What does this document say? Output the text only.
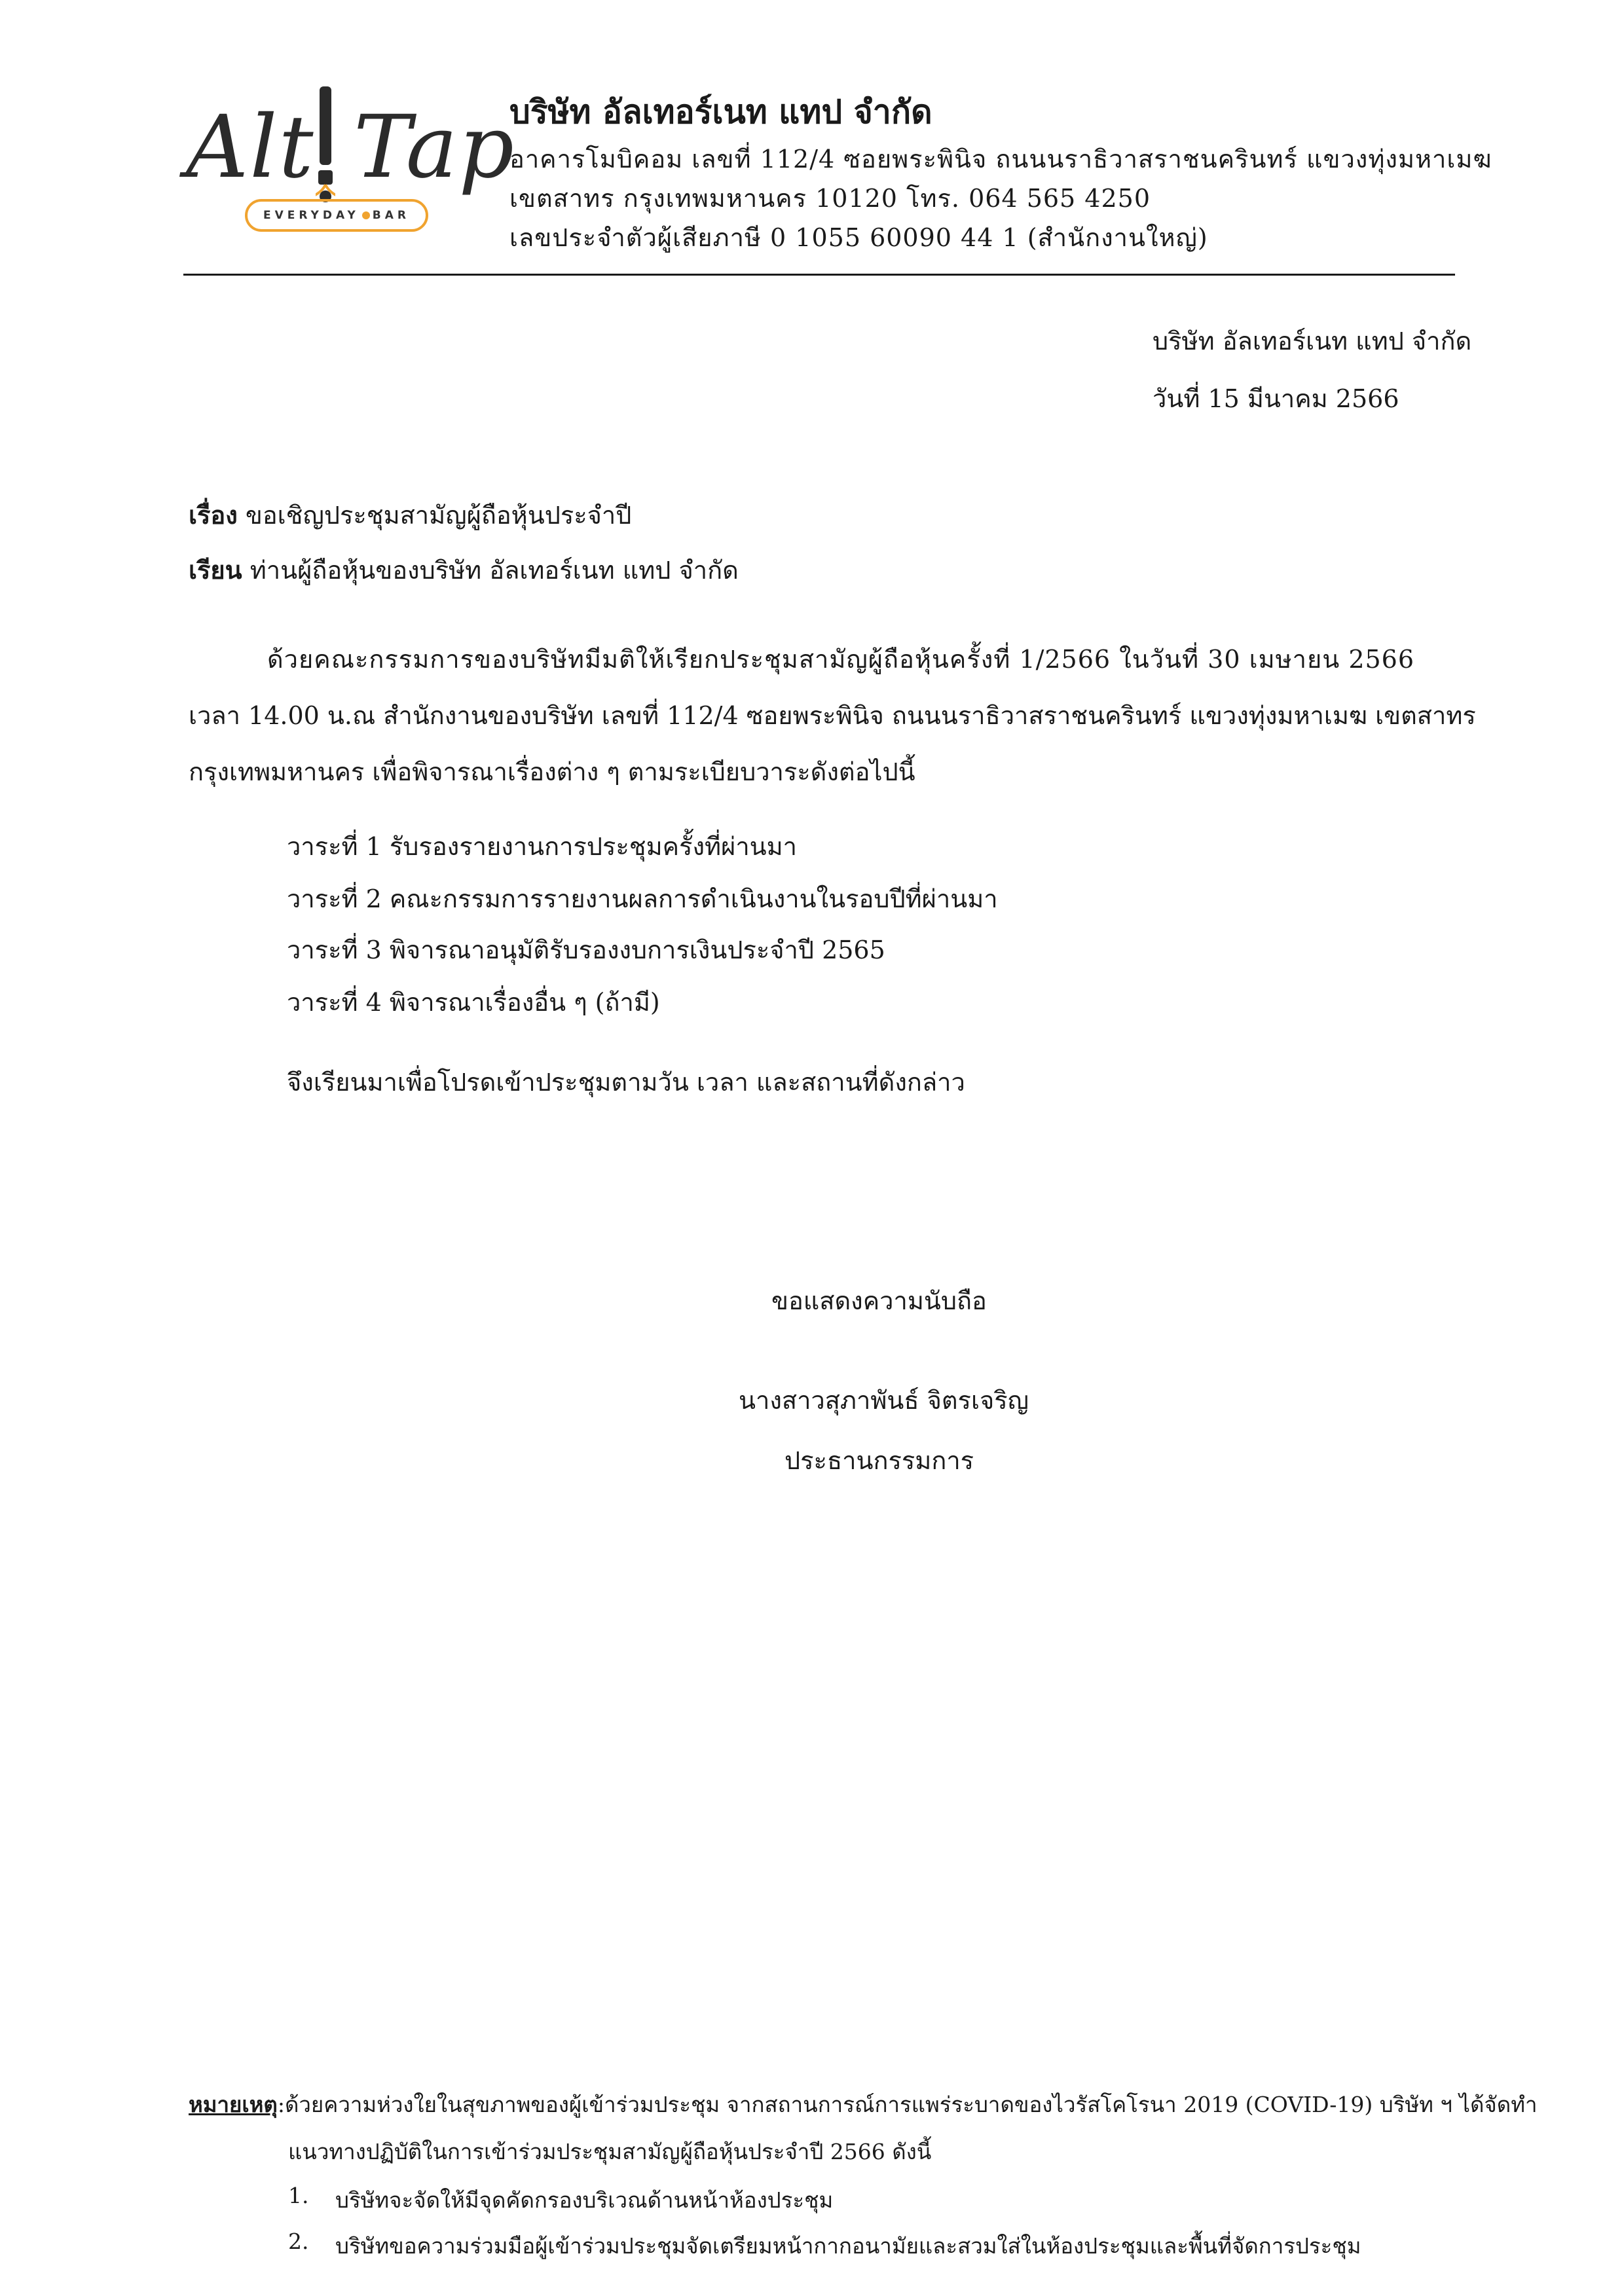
Alt Tap
EVERYDAY BAR
บริษัท อัลเทอร์เนท แทป จำกัด
อาคารโมบิคอม เลขที่ 112/4 ซอยพระพินิจ ถนนนราธิวาสราชนครินทร์ แขวงทุ่งมหาเมฆ
เขตสาทร กรุงเทพมหานคร 10120 โทร. 064 565 4250
เลขประจำตัวผู้เสียภาษี 0 1055 60090 44 1 (สำนักงานใหญ่)
บริษัท อัลเทอร์เนท แทป จำกัด
วันที่ 15 มีนาคม 2566
เรื่อง ขอเชิญประชุมสามัญผู้ถือหุ้นประจำปี
เรียน ท่านผู้ถือหุ้นของบริษัท อัลเทอร์เนท แทป จำกัด
ด้วยคณะกรรมการของบริษัทมีมติให้เรียกประชุมสามัญผู้ถือหุ้นครั้งที่ 1/2566 ในวันที่ 30 เมษายน 2566
เวลา 14.00 น.ณ สำนักงานของบริษัท เลขที่ 112/4 ซอยพระพินิจ ถนนนราธิวาสราชนครินทร์ แขวงทุ่งมหาเมฆ เขตสาทร
กรุงเทพมหานคร เพื่อพิจารณาเรื่องต่าง ๆ ตามระเบียบวาระดังต่อไปนี้
วาระที่ 1 รับรองรายงานการประชุมครั้งที่ผ่านมา
วาระที่ 2 คณะกรรมการรายงานผลการดำเนินงานในรอบปีที่ผ่านมา
วาระที่ 3 พิจารณาอนุมัติรับรองงบการเงินประจำปี 2565
วาระที่ 4 พิจารณาเรื่องอื่น ๆ (ถ้ามี)
จึงเรียนมาเพื่อโปรดเข้าประชุมตามวัน เวลา และสถานที่ดังกล่าว
ขอแสดงความนับถือ
นางสาวสุภาพันธ์ จิตรเจริญ
ประธานกรรมการ
หมายเหตุ:ด้วยความห่วงใยในสุขภาพของผู้เข้าร่วมประชุม จากสถานการณ์การแพร่ระบาดของไวรัสโคโรนา 2019 (COVID-19) บริษัท ฯ ได้จัดทำ
แนวทางปฏิบัติในการเข้าร่วมประชุมสามัญผู้ถือหุ้นประจำปี 2566 ดังนี้
1. บริษัทจะจัดให้มีจุดคัดกรองบริเวณด้านหน้าห้องประชุม
2. บริษัทขอความร่วมมือผู้เข้าร่วมประชุมจัดเตรียมหน้ากากอนามัยและสวมใส่ในห้องประชุมและพื้นที่จัดการประชุม
